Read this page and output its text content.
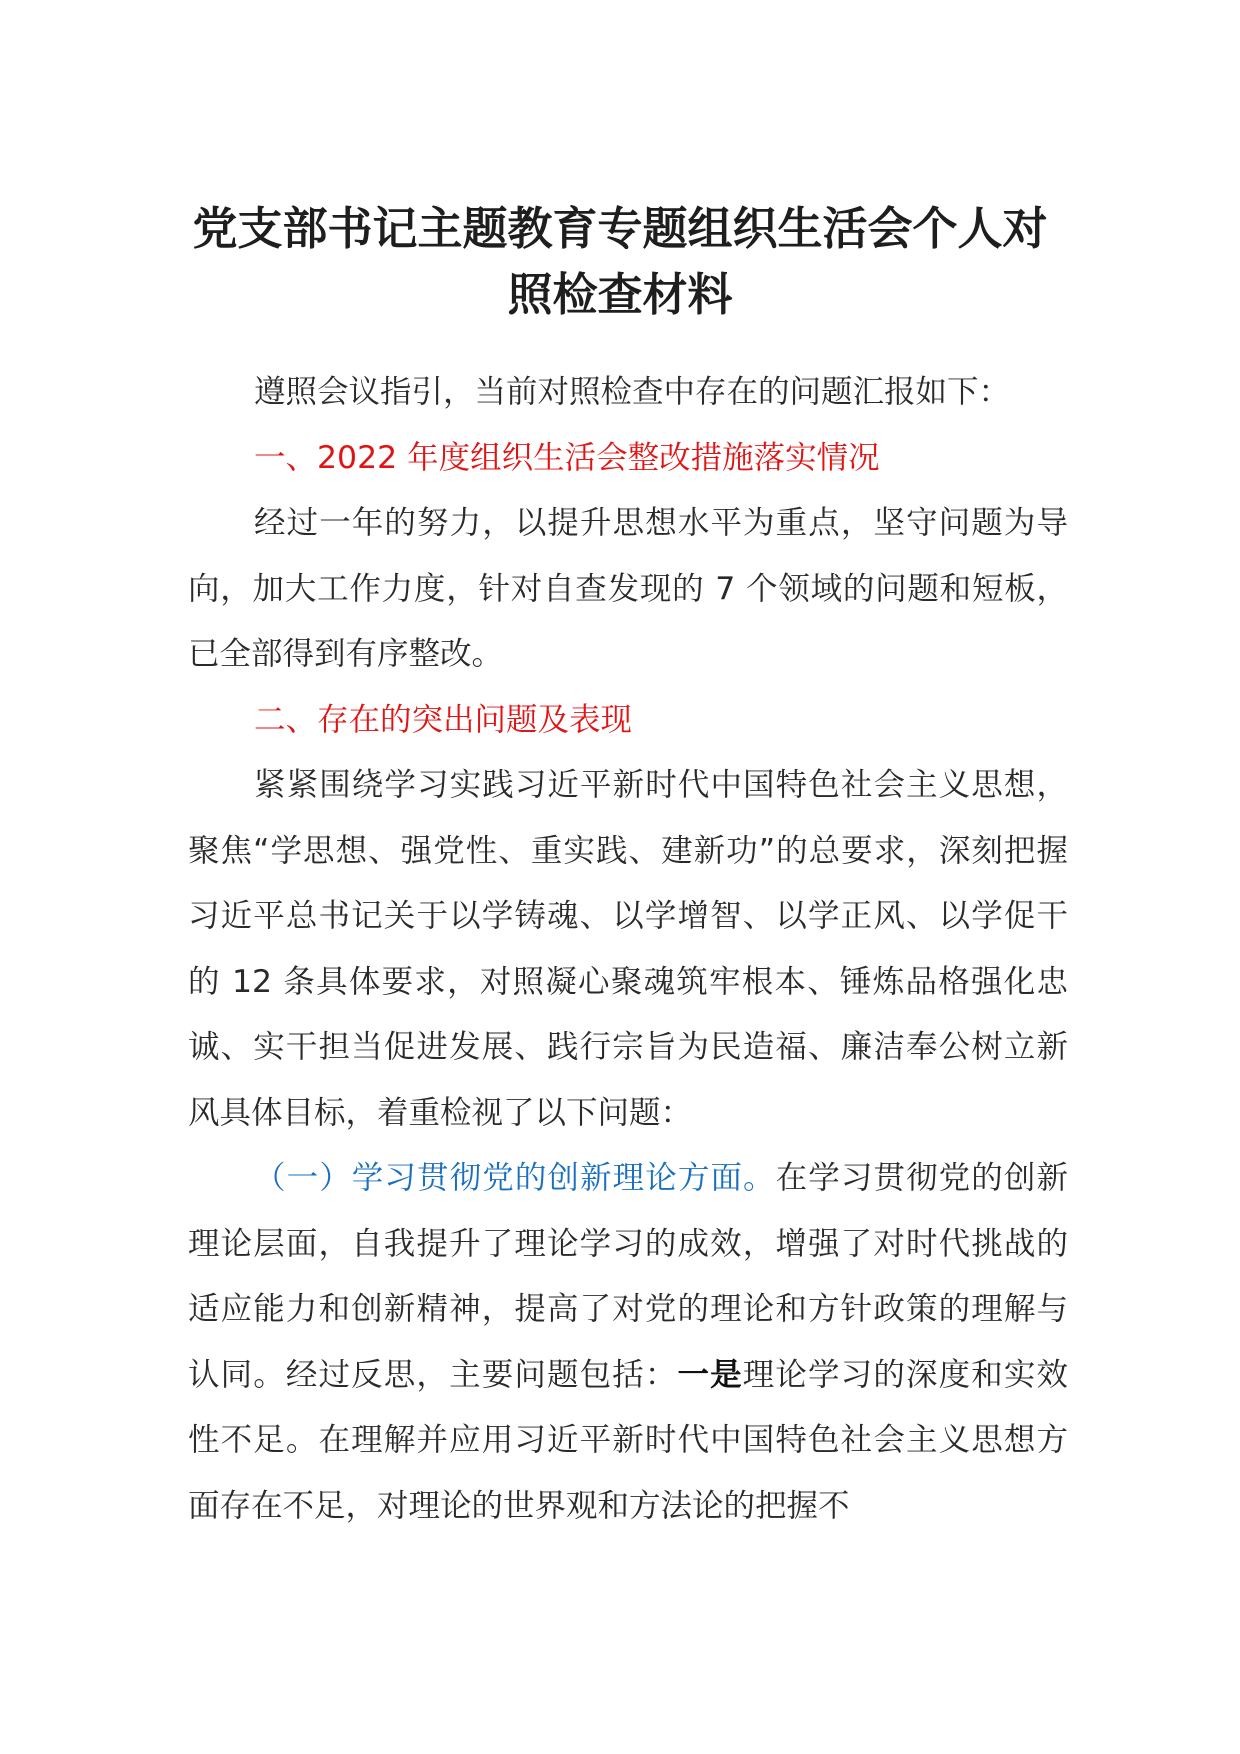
党支部书记主题教育专题组织生活会个人对
照检查材料

遵照会议指引，当前对照检查中存在的问题汇报如下：

一、2022 年度组织生活会整改措施落实情况

经过一年的努力，以提升思想水平为重点，坚守问题为导向，加大工作力度，针对自查发现的 7 个领域的问题和短板，已全部得到有序整改。

二、存在的突出问题及表现

紧紧围绕学习实践习近平新时代中国特色社会主义思想，聚焦“学思想、强党性、重实践、建新功”的总要求，深刻把握习近平总书记关于以学铸魂、以学增智、以学正风、以学促干的 12 条具体要求，对照凝心聚魂筑牢根本、锤炼品格强化忠诚、实干担当促进发展、践行宗旨为民造福、廉洁奉公树立新风具体目标，着重检视了以下问题：

（一）学习贯彻党的创新理论方面。在学习贯彻党的创新理论层面，自我提升了理论学习的成效，增强了对时代挑战的适应能力和创新精神，提高了对党的理论和方针政策的理解与认同。经过反思，主要问题包括：一是理论学习的深度和实效性不足。在理解并应用习近平新时代中国特色社会主义思想方面存在不足，对理论的世界观和方法论的把握不
